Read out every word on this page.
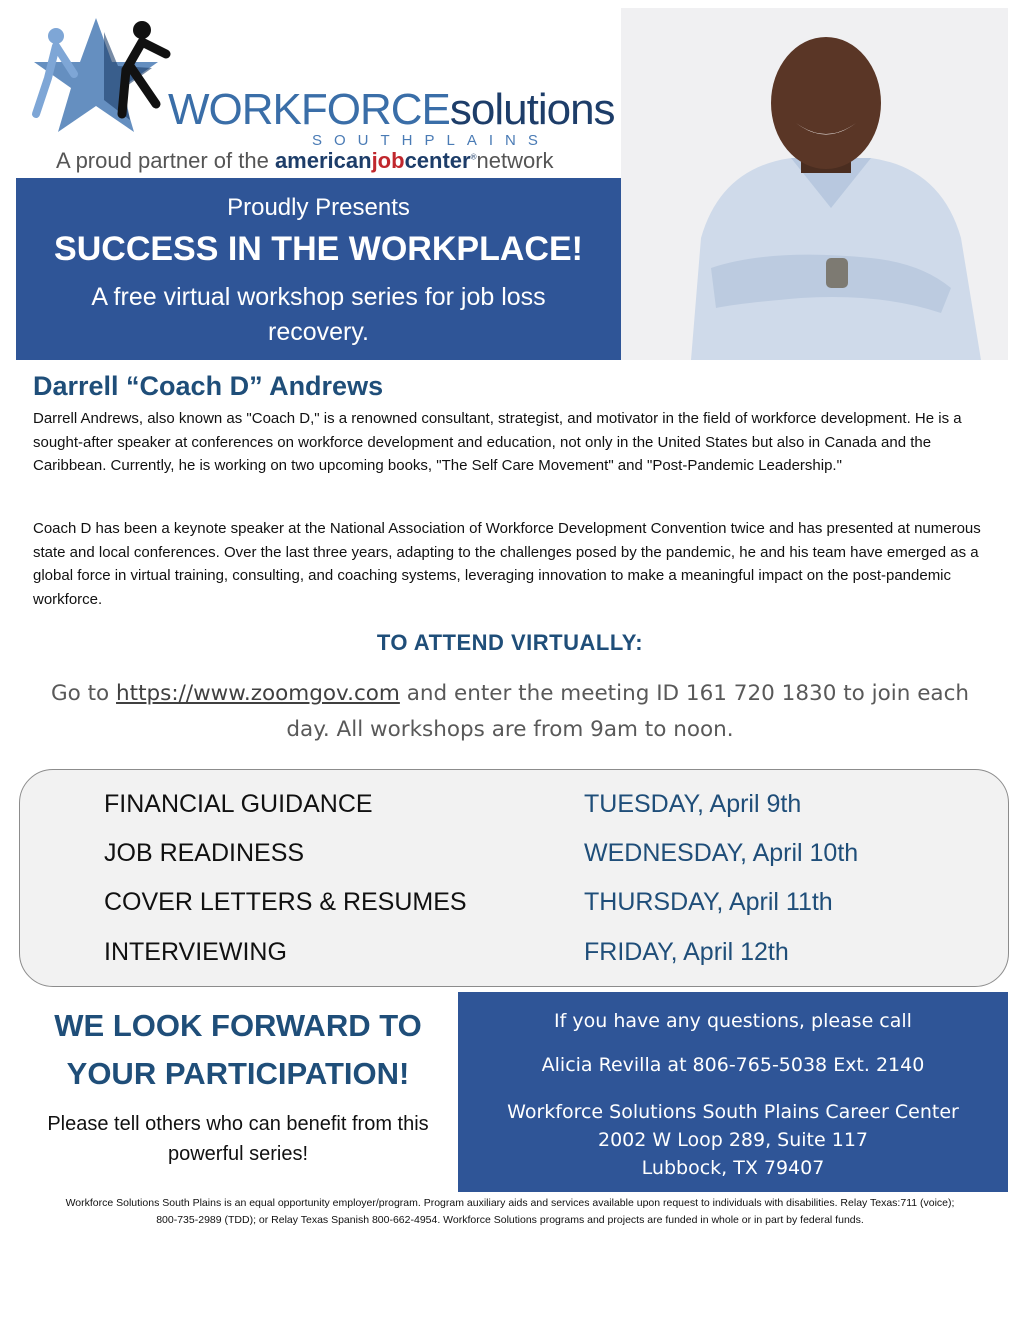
WORKFORCEsolutions
SOUTHPLAINS
A proud partner of the americanjobcenter®network
Proudly Presents
SUCCESS IN THE WORKPLACE!
A free virtual workshop series for job loss recovery.
Darrell “Coach D” Andrews

Darrell Andrews, also known as "Coach D," is a renowned consultant, strategist, and motivator in the field of workforce development. He is a sought-after speaker at conferences on workforce development and education, not only in the United States but also in Canada and the Caribbean. Currently, he is working on two upcoming books, "The Self Care Movement" and "Post-Pandemic Leadership."

Coach D has been a keynote speaker at the National Association of Workforce Development Convention twice and has presented at numerous state and local conferences. Over the last three years, adapting to the challenges posed by the pandemic, he and his team have emerged as a global force in virtual training, consulting, and coaching systems, leveraging innovation to make a meaningful impact on the post-pandemic workforce.

TO ATTEND VIRTUALLY:
Go to https://www.zoomgov.com and enter the meeting ID 161 720 1830 to join each day. All workshops are from 9am to noon.
FINANCIAL GUIDANCE	TUESDAY, April 9th
JOB READINESS	WEDNESDAY, April 10th
COVER LETTERS & RESUMES	THURSDAY, April 11th
INTERVIEWING	FRIDAY, April 12th
WE LOOK FORWARD TO YOUR PARTICIPATION!
Please tell others who can benefit from this powerful series!
If you have any questions, please call
Alicia Revilla at 806-765-5038 Ext. 2140
Workforce Solutions South Plains Career Center
2002 W Loop 289, Suite 117
Lubbock, TX 79407
Workforce Solutions South Plains is an equal opportunity employer/program. Program auxiliary aids and services available upon request to individuals with disabilities. Relay Texas:711 (voice); 800-735-2989 (TDD); or Relay Texas Spanish 800-662-4954. Workforce Solutions programs and projects are funded in whole or in part by federal funds.
